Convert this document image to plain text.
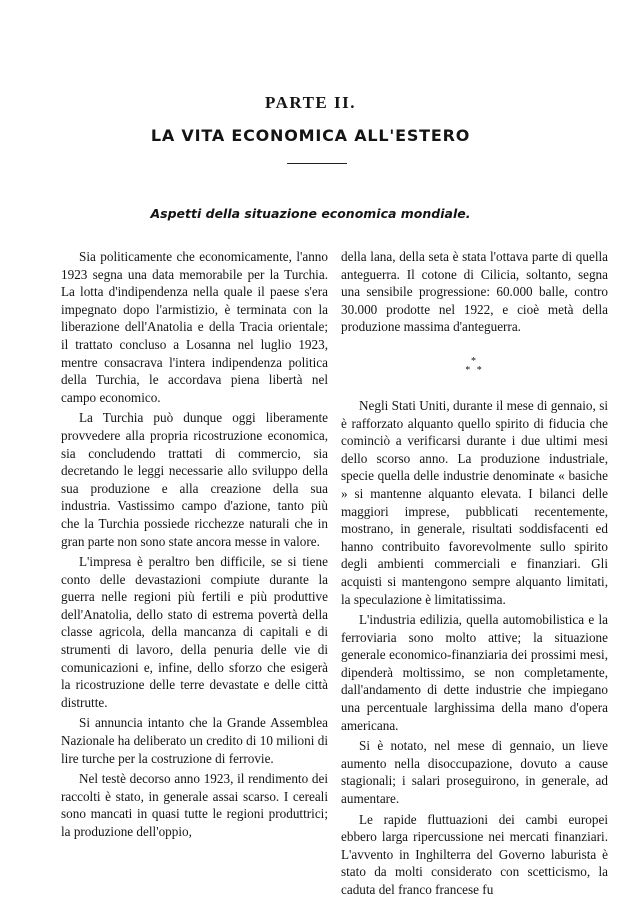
PARTE II.
LA VITA ECONOMICA ALL'ESTERO
Aspetti della situazione economica mondiale.

Sia politicamente che economicamente, l'anno 1923 segna una data memorabile per la Turchia. La lotta d'indipendenza nella quale il paese s'era impegnato dopo l'armistizio, è terminata con la liberazione dell'Anatolia e della Tracia orientale; il trattato concluso a Losanna nel luglio 1923, mentre consacrava l'intera indipendenza politica della Turchia, le accordava piena libertà nel campo economico.

La Turchia può dunque oggi liberamente provvedere alla propria ricostruzione economica, sia concludendo trattati di commercio, sia decretando le leggi necessarie allo sviluppo della sua produzione e alla creazione della sua industria. Vastissimo campo d'azione, tanto più che la Turchia possiede ricchezze naturali che in gran parte non sono state ancora messe in valore.

L'impresa è peraltro ben difficile, se si tiene conto delle devastazioni compiute durante la guerra nelle regioni più fertili e più produttive dell'Anatolia, dello stato di estrema povertà della classe agricola, della mancanza di capitali e di strumenti di lavoro, della penuria delle vie di comunicazioni e, infine, dello sforzo che esigerà la ricostruzione delle terre devastate e delle città distrutte.

Si annuncia intanto che la Grande Assemblea Nazionale ha deliberato un credito di 10 milioni di lire turche per la costruzione di ferrovie.

Nel testè decorso anno 1923, il rendimento dei raccolti è stato, in generale assai scarso. I cereali sono mancati in quasi tutte le regioni produttrici; la produzione dell'oppio,

della lana, della seta è stata l'ottava parte di quella anteguerra. Il cotone di Cilicia, soltanto, segna una sensibile progressione: 60.000 balle, contro 30.000 prodotte nel 1922, e cioè metà della produzione massima d'anteguerra.

*
* *

Negli Stati Uniti, durante il mese di gennaio, si è rafforzato alquanto quello spirito di fiducia che cominciò a verificarsi durante i due ultimi mesi dello scorso anno. La produzione industriale, specie quella delle industrie denominate « basiche » si mantenne alquanto elevata. I bilanci delle maggiori imprese, pubblicati recentemente, mostrano, in generale, risultati soddisfacenti ed hanno contribuito favorevolmente sullo spirito degli ambienti commerciali e finanziari. Gli acquisti si mantengono sempre alquanto limitati, la speculazione è limitatissima.

L'industria edilizia, quella automobilistica e la ferroviaria sono molto attive; la situazione generale economico-finanziaria dei prossimi mesi, dipenderà moltissimo, se non completamente, dall'andamento di dette industrie che impiegano una percentuale larghissima della mano d'opera americana.

Si è notato, nel mese di gennaio, un lieve aumento nella disoccupazione, dovuto a cause stagionali; i salari proseguirono, in generale, ad aumentare.

Le rapide fluttuazioni dei cambi europei ebbero larga ripercussione nei mercati finanziari. L'avvento in Inghilterra del Governo laburista è stato da molti considerato con scetticismo, la caduta del franco francese fu
